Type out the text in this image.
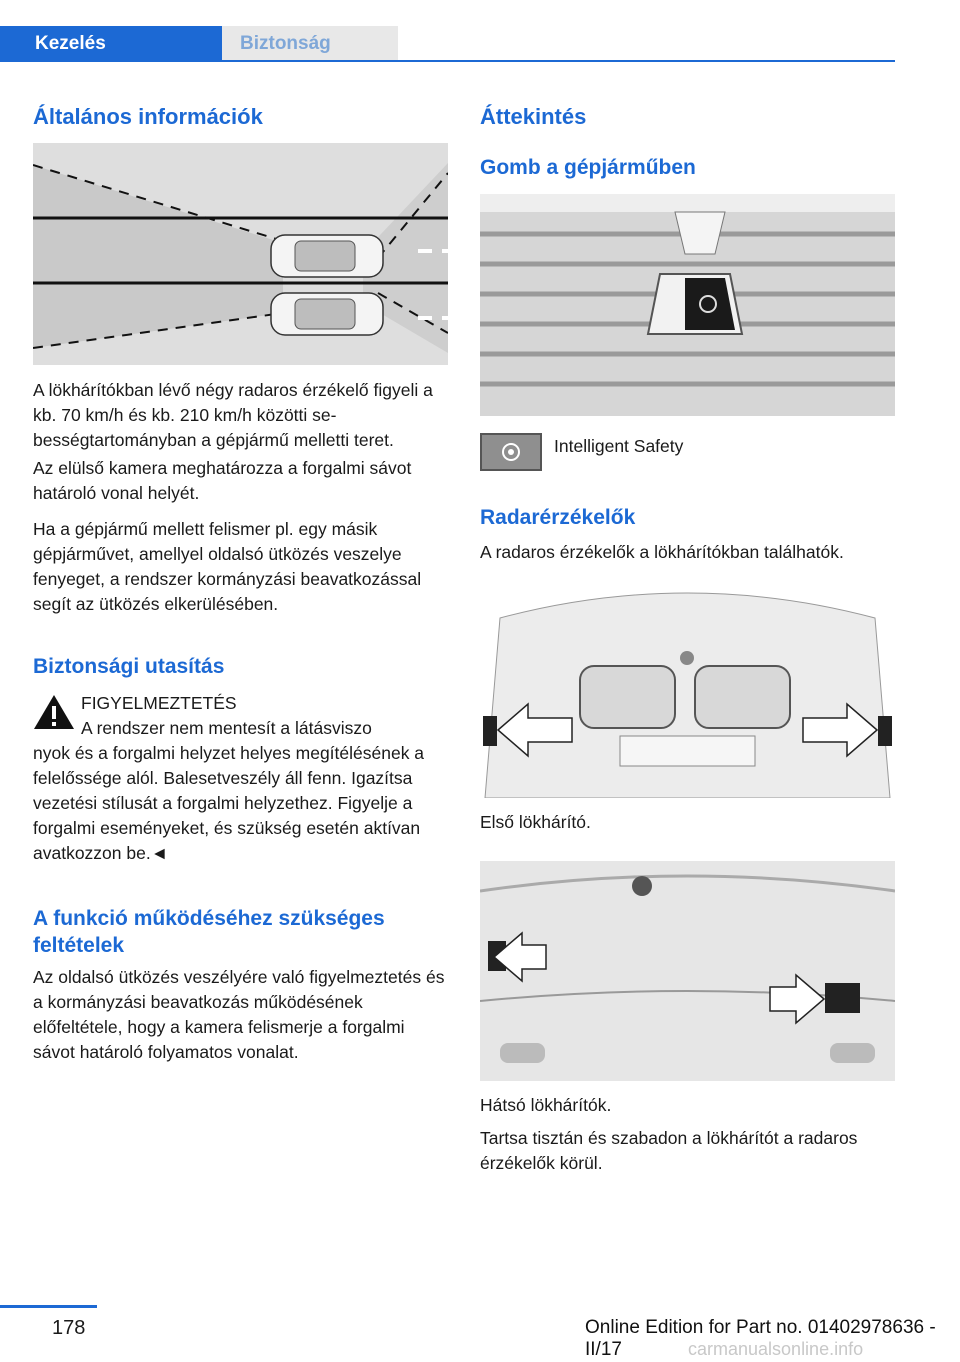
Kezelés	Biztonság
Általános információk

A lökhárítókban lévő négy radaros érzékelő figyeli a kb. 70 km/h és kb. 210 km/h közötti sebességtartományban a gépjármű melletti teret.

Az elülső kamera meghatározza a forgalmi sávot határoló vonal helyét.

Ha a gépjármű mellett felismer pl. egy másik gépjárművet, amellyel oldalsó ütközés veszelye fenyeget, a rendszer kormányzási beavatkozással segít az ütközés elkerülésében.

Biztonsági utasítás

FIGYELMEZTETÉS

A rendszer nem mentesít a látásviszo

nyok és a forgalmi helyzet helyes megítélésének a felelőssége alól. Balesetveszély áll fenn. Igazítsa vezetési stílusát a forgalmi helyzethez. Figyelje a forgalmi eseményeket, és szükség esetén aktívan avatkozzon be.◄

A funkció működéséhez szükséges feltételek

Az oldalsó ütközés veszélyére való figyelmeztetés és a kormányzási beavatkozás működésének előfeltétele, hogy a kamera felismerje a forgalmi sávot határoló folyamatos vonalat.

Áttekintés
Gomb a gépjárműben

Intelligent Safety

Radarérzékelők

A radaros érzékelők a lökhárítókban találhatók.

Első lökhárító.

Hátsó lökhárítók.

Tartsa tisztán és szabadon a lökhárítót a radaros érzékelők körül.

178	Online Edition for Part no. 01402978636 - II/17	carmanualsonline.info
